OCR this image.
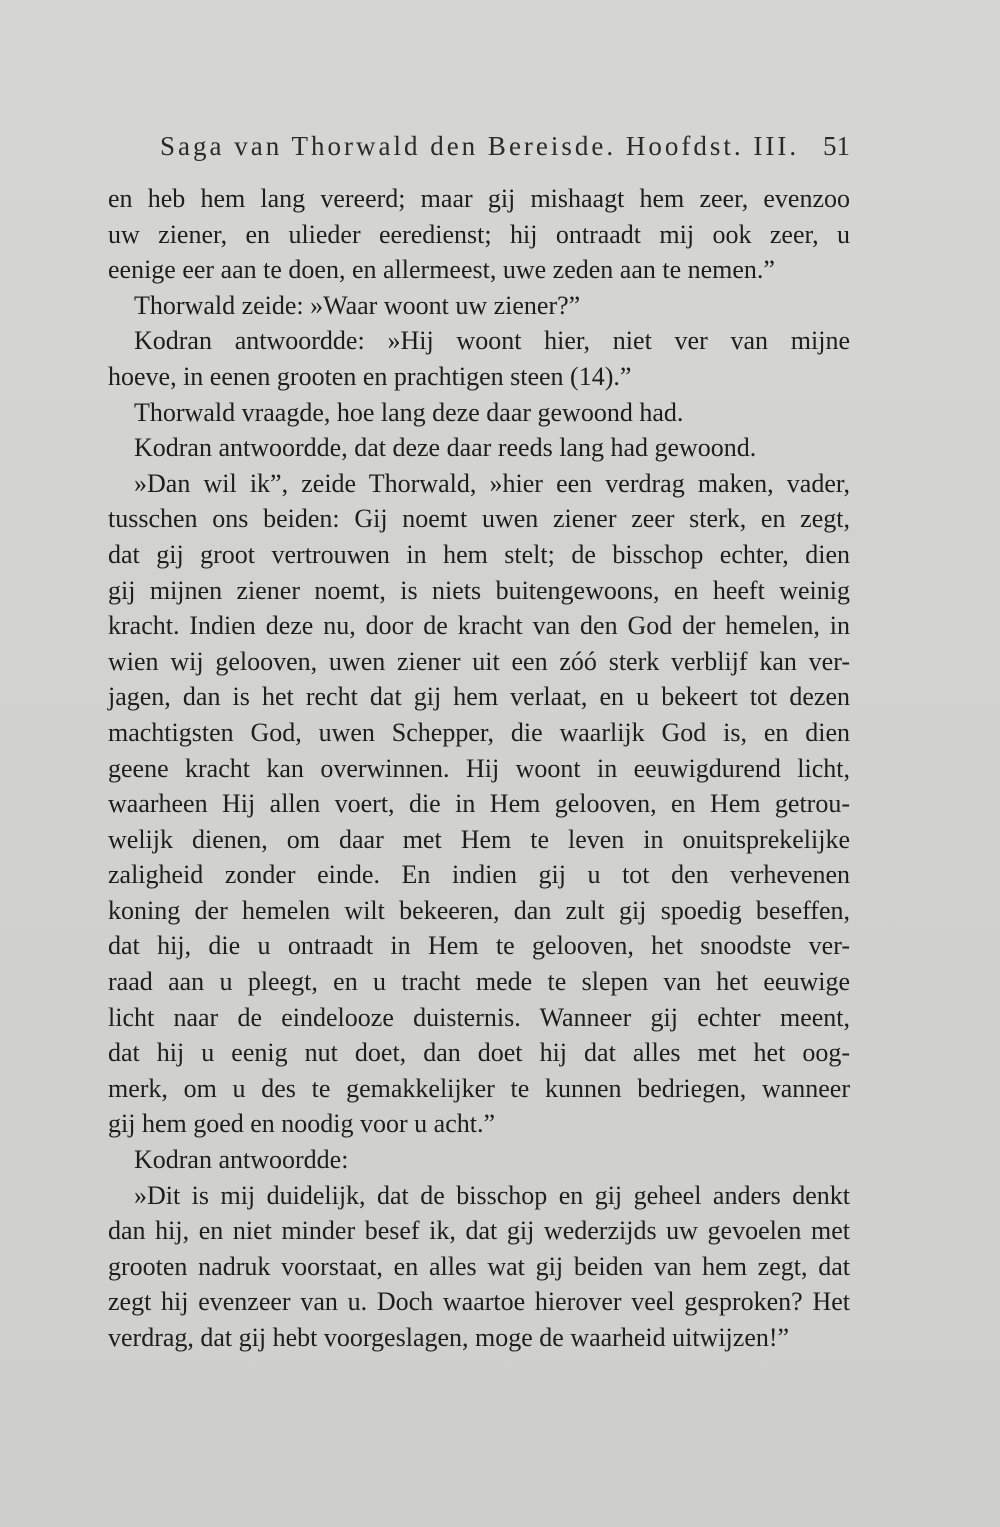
Saga van Thorwald den Bereisde. Hoofdst. III. 51
en heb hem lang vereerd; maar gij mishaagt hem zeer, evenzoo
uw ziener, en ulieder eeredienst; hij ontraadt mij ook zeer, u
eenige eer aan te doen, en allermeest, uwe zeden aan te nemen.”
Thorwald zeide: »Waar woont uw ziener?”
Kodran antwoordde: »Hij woont hier, niet ver van mijne
hoeve, in eenen grooten en prachtigen steen (14).”
Thorwald vraagde, hoe lang deze daar gewoond had.
Kodran antwoordde, dat deze daar reeds lang had gewoond.
»Dan wil ik”, zeide Thorwald, »hier een verdrag maken, vader,
tusschen ons beiden: Gij noemt uwen ziener zeer sterk, en zegt,
dat gij groot vertrouwen in hem stelt; de bisschop echter, dien
gij mijnen ziener noemt, is niets buitengewoons, en heeft weinig
kracht. Indien deze nu, door de kracht van den God der hemelen, in
wien wij gelooven, uwen ziener uit een zóó sterk verblijf kan ver-
jagen, dan is het recht dat gij hem verlaat, en u bekeert tot dezen
machtigsten God, uwen Schepper, die waarlijk God is, en dien
geene kracht kan overwinnen. Hij woont in eeuwigdurend licht,
waarheen Hij allen voert, die in Hem gelooven, en Hem getrou-
welijk dienen, om daar met Hem te leven in onuitsprekelijke
zaligheid zonder einde. En indien gij u tot den verhevenen
koning der hemelen wilt bekeeren, dan zult gij spoedig beseffen,
dat hij, die u ontraadt in Hem te gelooven, het snoodste ver-
raad aan u pleegt, en u tracht mede te slepen van het eeuwige
licht naar de eindelooze duisternis. Wanneer gij echter meent,
dat hij u eenig nut doet, dan doet hij dat alles met het oog-
merk, om u des te gemakkelijker te kunnen bedriegen, wanneer
gij hem goed en noodig voor u acht.”
Kodran antwoordde:
»Dit is mij duidelijk, dat de bisschop en gij geheel anders denkt
dan hij, en niet minder besef ik, dat gij wederzijds uw gevoelen met
grooten nadruk voorstaat, en alles wat gij beiden van hem zegt, dat
zegt hij evenzeer van u. Doch waartoe hierover veel gesproken? Het
verdrag, dat gij hebt voorgeslagen, moge de waarheid uitwijzen!”
